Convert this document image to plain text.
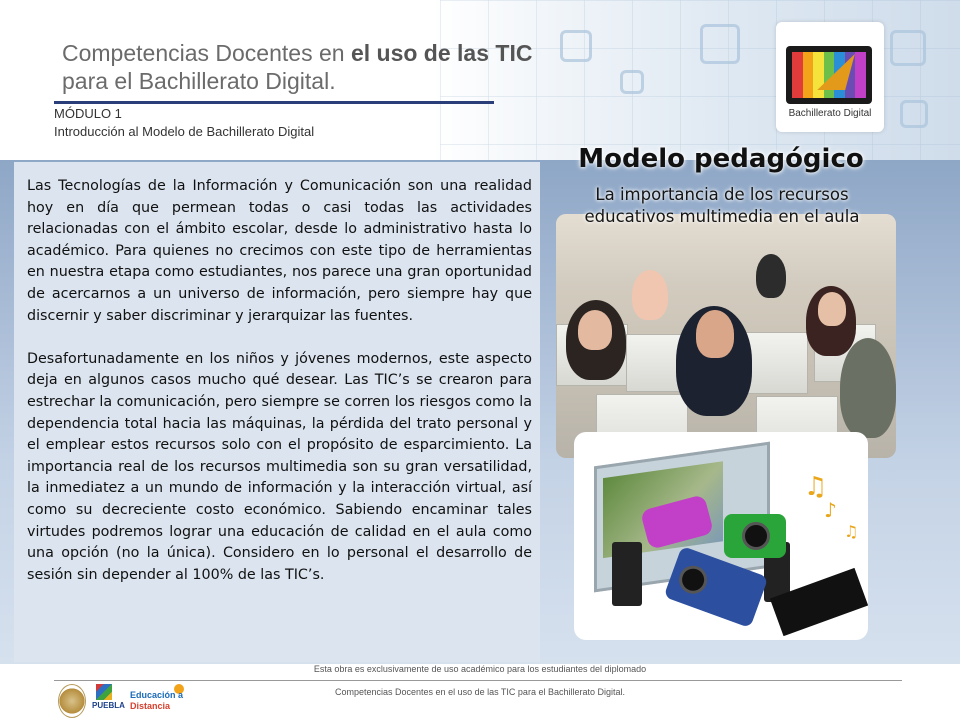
Competencias Docentes en el uso de las TIC
para el Bachillerato Digital.
MÓDULO 1
Introducción al Modelo de Bachillerato Digital
Bachillerato Digital

Las Tecnologías de la Información y Comunicación son una realidad hoy en día que permean todas o casi todas las actividades relacionadas con el ámbito escolar, desde lo administrativo hasta lo académico. Para quienes no crecimos con este tipo de herramientas en nuestra etapa como estudiantes, nos parece una gran oportunidad de acercarnos a un universo de información, pero siempre hay que discernir y saber discriminar y jerarquizar las fuentes.

Desafortunadamente en los niños y jóvenes modernos, este aspecto deja en algunos casos mucho qué desear. Las TIC’s se crearon para estrechar la comunicación, pero siempre se corren los riesgos como la dependencia total hacia las máquinas, la pérdida del trato personal y el emplear estos recursos solo con el propósito de esparcimiento. La importancia real de los recursos multimedia son su gran versatilidad, la inmediatez a un mundo de información y la interacción virtual, así como su decreciente costo económico. Sabiendo encaminar tales virtudes podremos lograr una educación de calidad en el aula como una opción (no la única). Considero en lo personal el desarrollo de sesión sin depender al 100% de las TIC’s.

♫
♪
♫
Modelo pedagógico
La importancia de los recursos
educativos multimedia en el aula
Esta obra es exclusivamente de uso académico para los estudiantes del diplomado
Competencias Docentes en el uso de las TIC para el Bachillerato Digital.
PUEBLA
Educación a
Distancia
